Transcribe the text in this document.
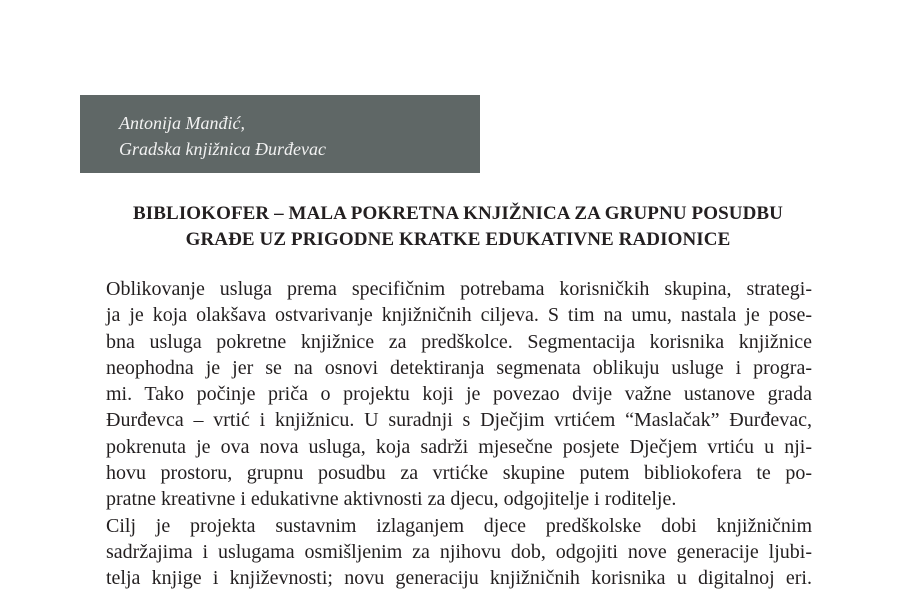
Antonija Manđić,
Gradska knjižnica Đurđevac
BIBLIOKOFER – MALA POKRETNA KNJIŽNICA ZA GRUPNU POSUDBU
GRAĐE UZ PRIGODNE KRATKE EDUKATIVNE RADIONICE
Oblikovanje usluga prema specifičnim potrebama korisničkih skupina, strategi-
ja je koja olakšava ostvarivanje knjižničnih ciljeva. S tim na umu, nastala je pose-
bna usluga pokretne knjižnice za predškolce. Segmentacija korisnika knjižnice
neophodna je jer se na osnovi detektiranja segmenata oblikuju usluge i progra-
mi. Tako počinje priča o projektu koji je povezao dvije važne ustanove grada
Đurđevca – vrtić i knjižnicu. U suradnji s Dječjim vrtićem “Maslačak” Đurđevac,
pokrenuta je ova nova usluga, koja sadrži mjesečne posjete Dječjem vrtiću u nji-
hovu prostoru, grupnu posudbu za vrtićke skupine putem bibliokofera te po-
pratne kreativne i edukativne aktivnosti za djecu, odgojitelje i roditelje.
Cilj je projekta sustavnim izlaganjem djece predškolske dobi knjižničnim
sadržajima i uslugama osmišljenim za njihovu dob, odgojiti nove generacije ljubi-
telja knjige i književnosti; novu generaciju knjižničnih korisnika u digitalnoj eri.
